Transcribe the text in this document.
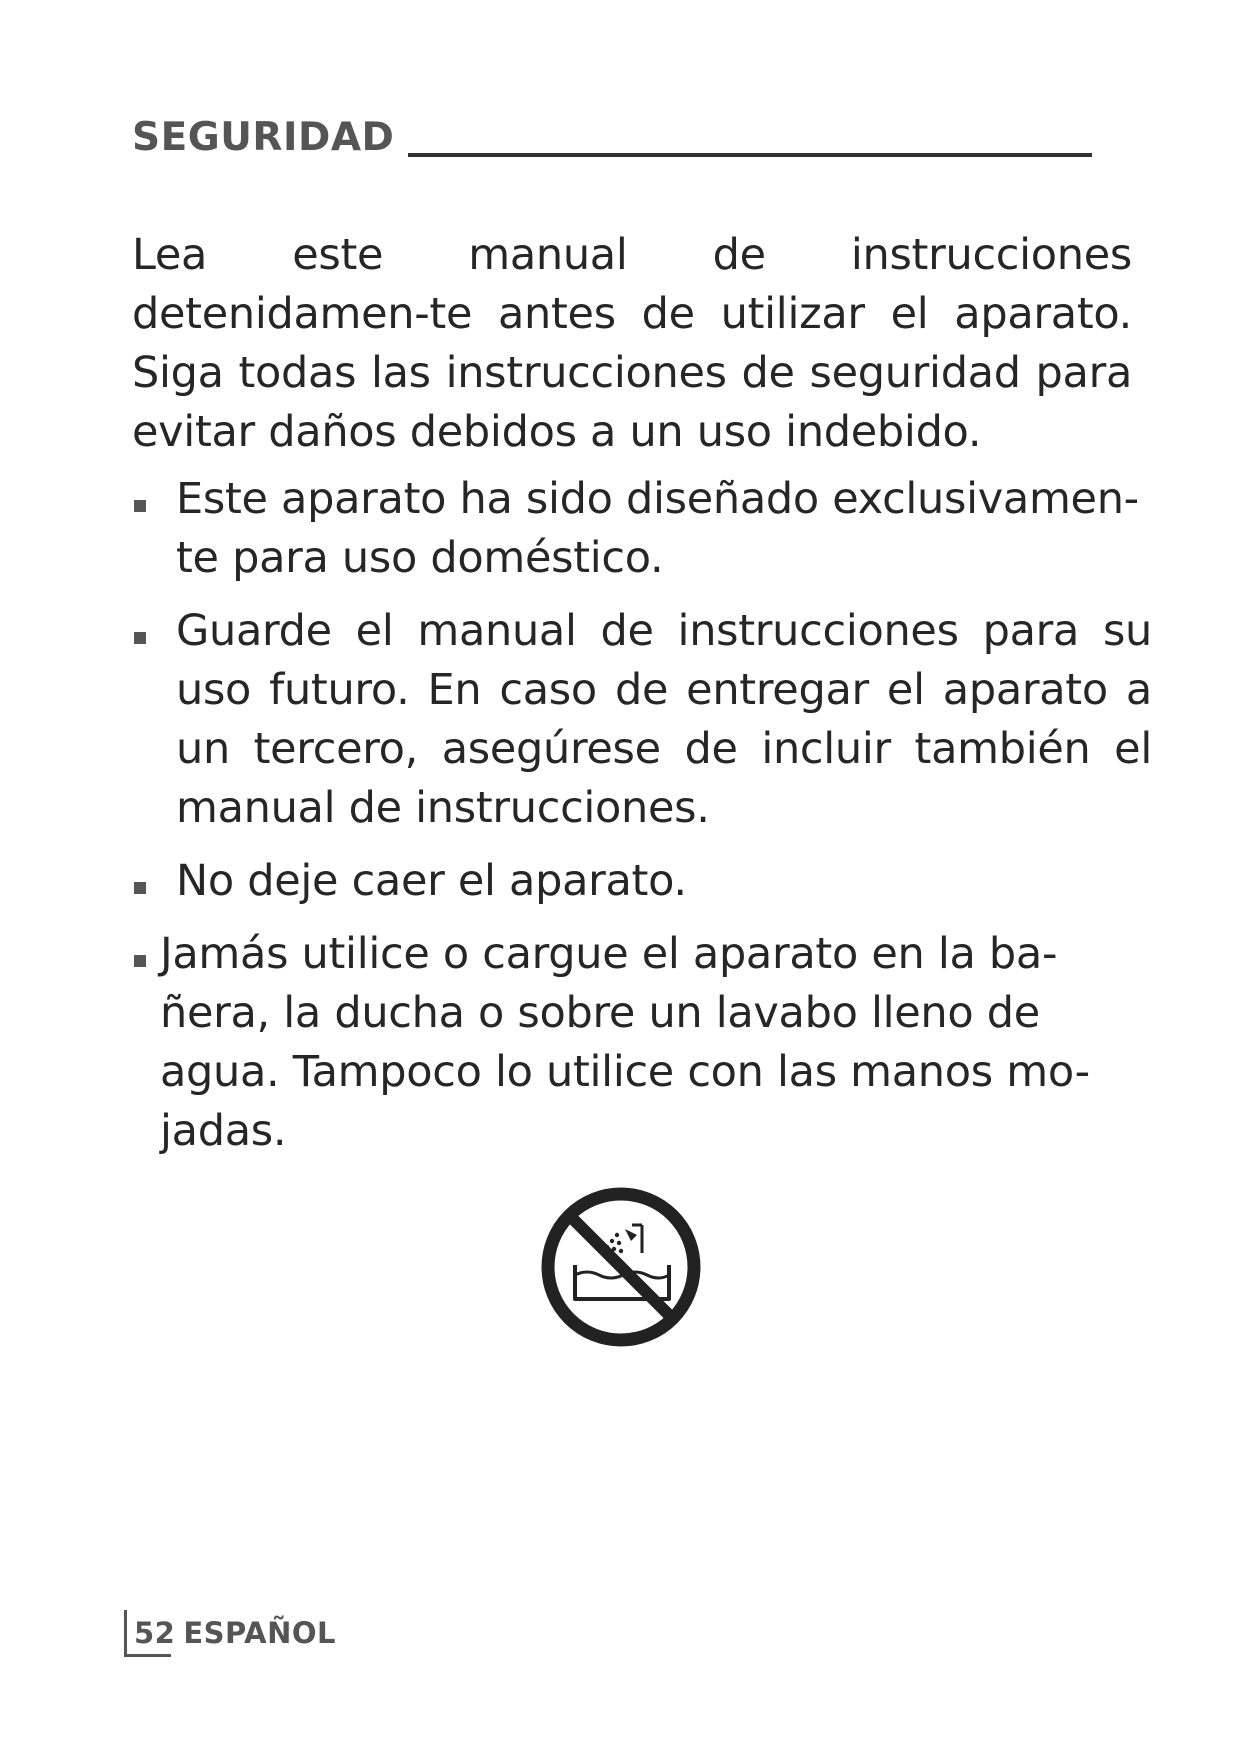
SEGURIDAD
Lea este manual de instrucciones detenidamen-te antes de utilizar el aparato. Siga todas las instrucciones de seguridad para evitar daños debidos a un uso indebido.
Este aparato ha sido diseñado exclusivamen-te para uso doméstico.
Guarde el manual de instrucciones para su uso futuro. En caso de entregar el aparato a un tercero, asegúrese de incluir también el manual de instrucciones.
No deje caer el aparato.
Jamás utilice o cargue el aparato en la ba-ñera, la ducha o sobre un lavabo lleno de agua. Tampoco lo utilice con las manos mo-jadas.
52 ESPAÑOL
